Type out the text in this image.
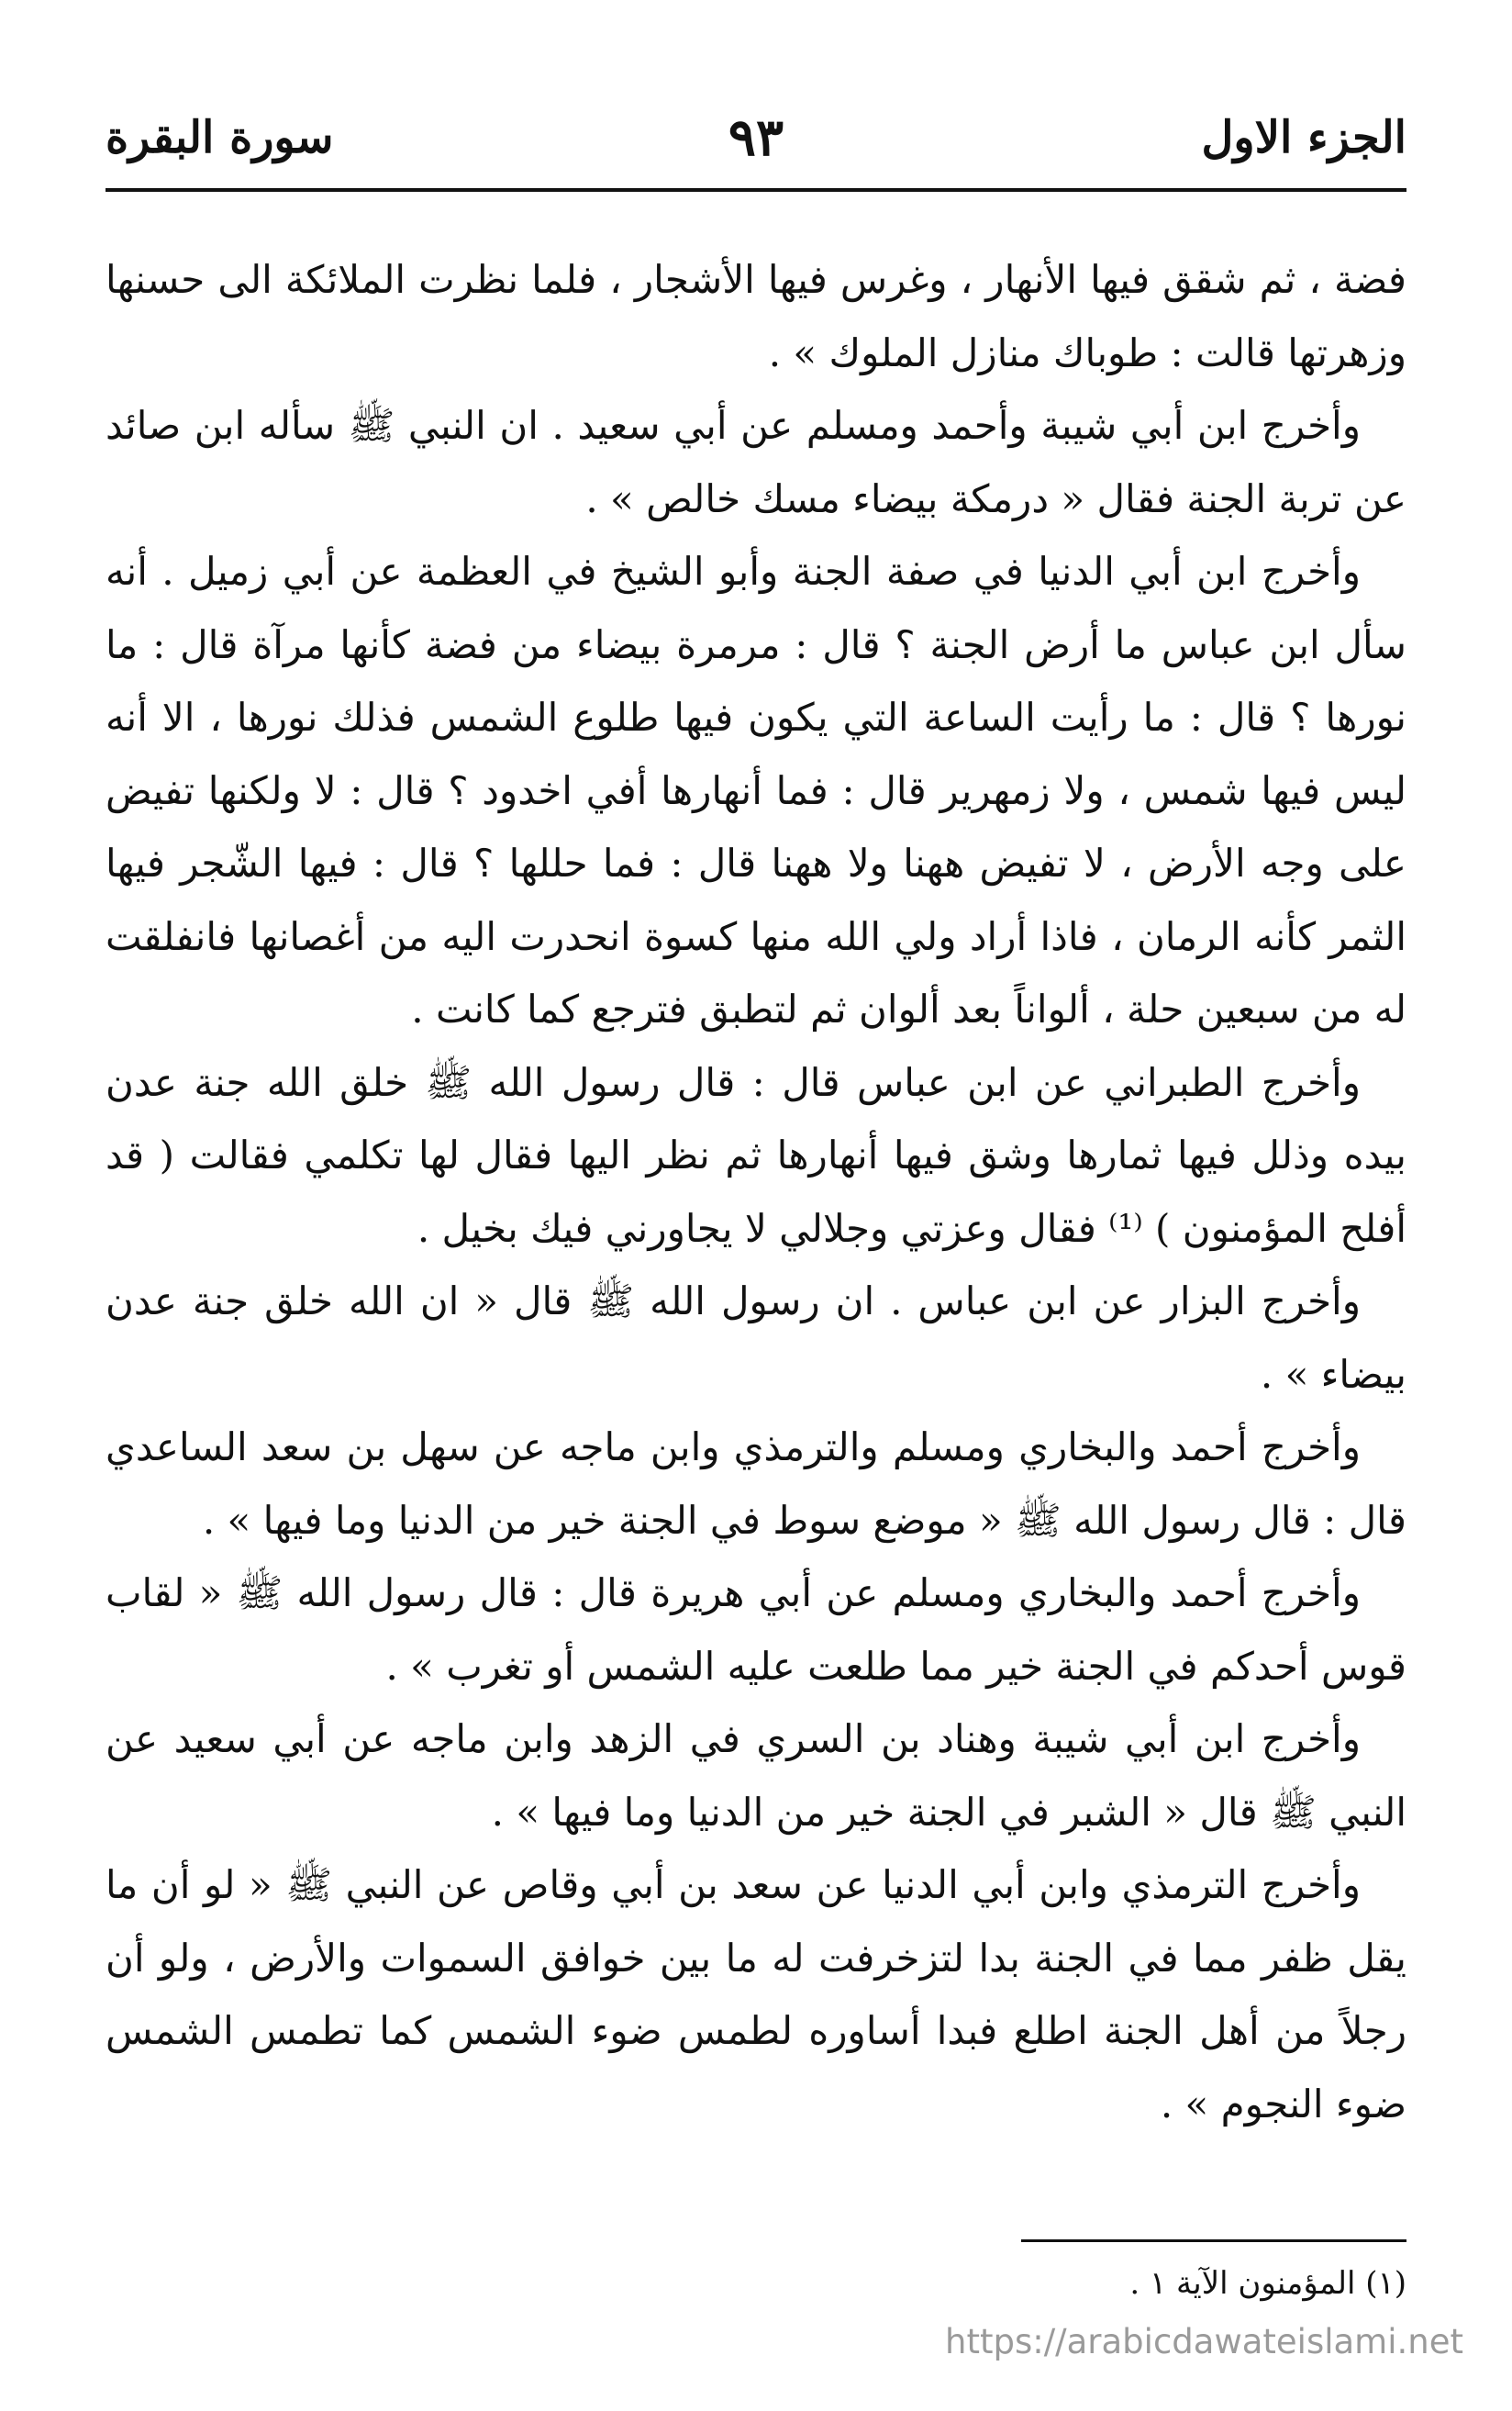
الجزء الاول
٩٣
سورة البقرة

فضة ، ثم شقق فيها الأنهار ، وغرس فيها الأشجار ، فلما نظرت الملائكة الى حسنها وزهرتها قالت : طوباك منازل الملوك » .

وأخرج ابن أبي شيبة وأحمد ومسلم عن أبي سعيد . ان النبي ﷺ سأله ابن صائد عن تربة الجنة فقال « درمكة بيضاء مسك خالص » .

وأخرج ابن أبي الدنيا في صفة الجنة وأبو الشيخ في العظمة عن أبي زميل . أنه سأل ابن عباس ما أرض الجنة ؟ قال : مرمرة بيضاء من فضة كأنها مرآة قال : ما نورها ؟ قال : ما رأيت الساعة التي يكون فيها طلوع الشمس فذلك نورها ، الا أنه ليس فيها شمس ، ولا زمهرير قال : فما أنهارها أفي اخدود ؟ قال : لا ولكنها تفيض على وجه الأرض ، لا تفيض ههنا ولا ههنا قال : فما حللها ؟ قال : فيها الشّجر فيها الثمر كأنه الرمان ، فاذا أراد ولي الله منها كسوة انحدرت اليه من أغصانها فانفلقت له من سبعين حلة ، ألواناً بعد ألوان ثم لتطبق فترجع كما كانت .

وأخرج الطبراني عن ابن عباس قال : قال رسول الله ﷺ خلق الله جنة عدن بيده وذلل فيها ثمارها وشق فيها أنهارها ثم نظر اليها فقال لها تكلمي فقالت ( قد أفلح المؤمنون ) ⁽¹⁾ فقال وعزتي وجلالي لا يجاورني فيك بخيل .

وأخرج البزار عن ابن عباس . ان رسول الله ﷺ قال « ان الله خلق جنة عدن بيضاء » .

وأخرج أحمد والبخاري ومسلم والترمذي وابن ماجه عن سهل بن سعد الساعدي قال : قال رسول الله ﷺ « موضع سوط في الجنة خير من الدنيا وما فيها » .

وأخرج أحمد والبخاري ومسلم عن أبي هريرة قال : قال رسول الله ﷺ « لقاب قوس أحدكم في الجنة خير مما طلعت عليه الشمس أو تغرب » .

وأخرج ابن أبي شيبة وهناد بن السري في الزهد وابن ماجه عن أبي سعيد عن النبي ﷺ قال « الشبر في الجنة خير من الدنيا وما فيها » .

وأخرج الترمذي وابن أبي الدنيا عن سعد بن أبي وقاص عن النبي ﷺ « لو أن ما يقل ظفر مما في الجنة بدا لتزخرفت له ما بين خوافق السموات والأرض ، ولو أن رجلاً من أهل الجنة اطلع فبدا أساوره لطمس ضوء الشمس كما تطمس الشمس ضوء النجوم » .

(١) المؤمنون الآية ١ .
https://arabicdawateislami.net
